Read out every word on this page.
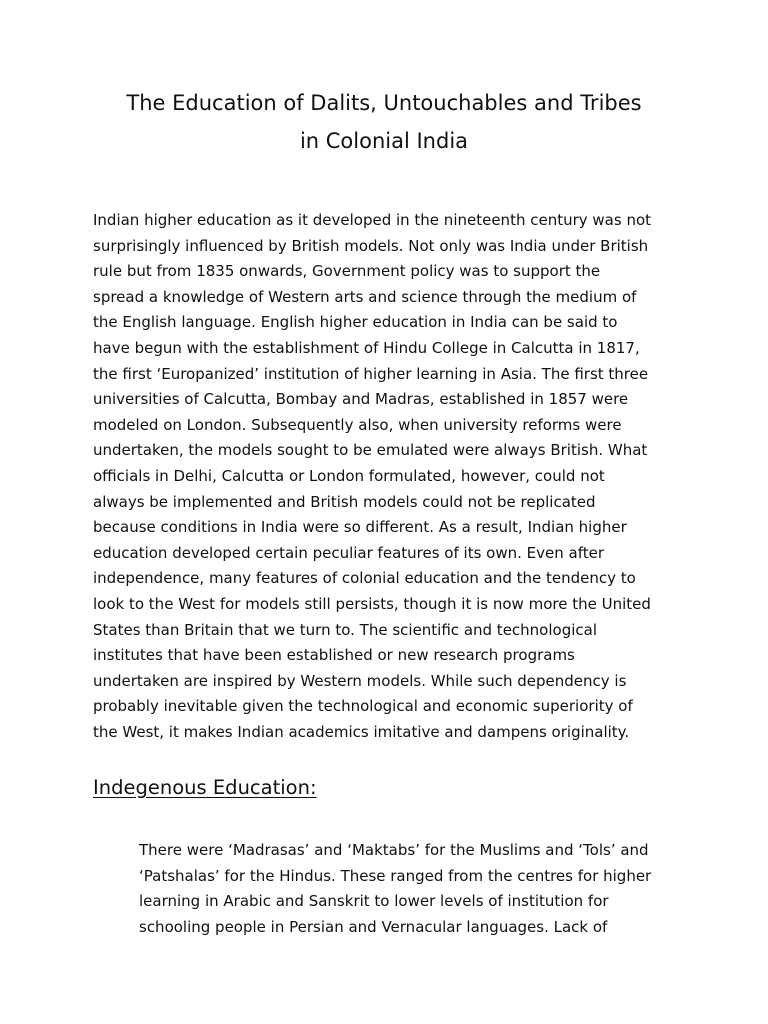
The Education of Dalits, Untouchables and Tribes
in Colonial India

Indian higher education as it developed in the nineteenth century was not
surprisingly influenced by British models. Not only was India under British
rule but from 1835 onwards, Government policy was to support the
spread a knowledge of Western arts and science through the medium of
the English language. English higher education in India can be said to
have begun with the establishment of Hindu College in Calcutta in 1817,
the first ‘Europanized’ institution of higher learning in Asia. The first three
universities of Calcutta, Bombay and Madras, established in 1857 were
modeled on London. Subsequently also, when university reforms were
undertaken, the models sought to be emulated were always British. What
officials in Delhi, Calcutta or London formulated, however, could not
always be implemented and British models could not be replicated
because conditions in India were so different. As a result, Indian higher
education developed certain peculiar features of its own. Even after
independence, many features of colonial education and the tendency to
look to the West for models still persists, though it is now more the United
States than Britain that we turn to. The scientific and technological
institutes that have been established or new research programs
undertaken are inspired by Western models. While such dependency is
probably inevitable given the technological and economic superiority of
the West, it makes Indian academics imitative and dampens originality.

Indegenous Education:

There were ‘Madrasas’ and ‘Maktabs’ for the Muslims and ‘Tols’ and
‘Patshalas’ for the Hindus. These ranged from the centres for higher
learning in Arabic and Sanskrit to lower levels of institution for
schooling people in Persian and Vernacular languages. Lack of
